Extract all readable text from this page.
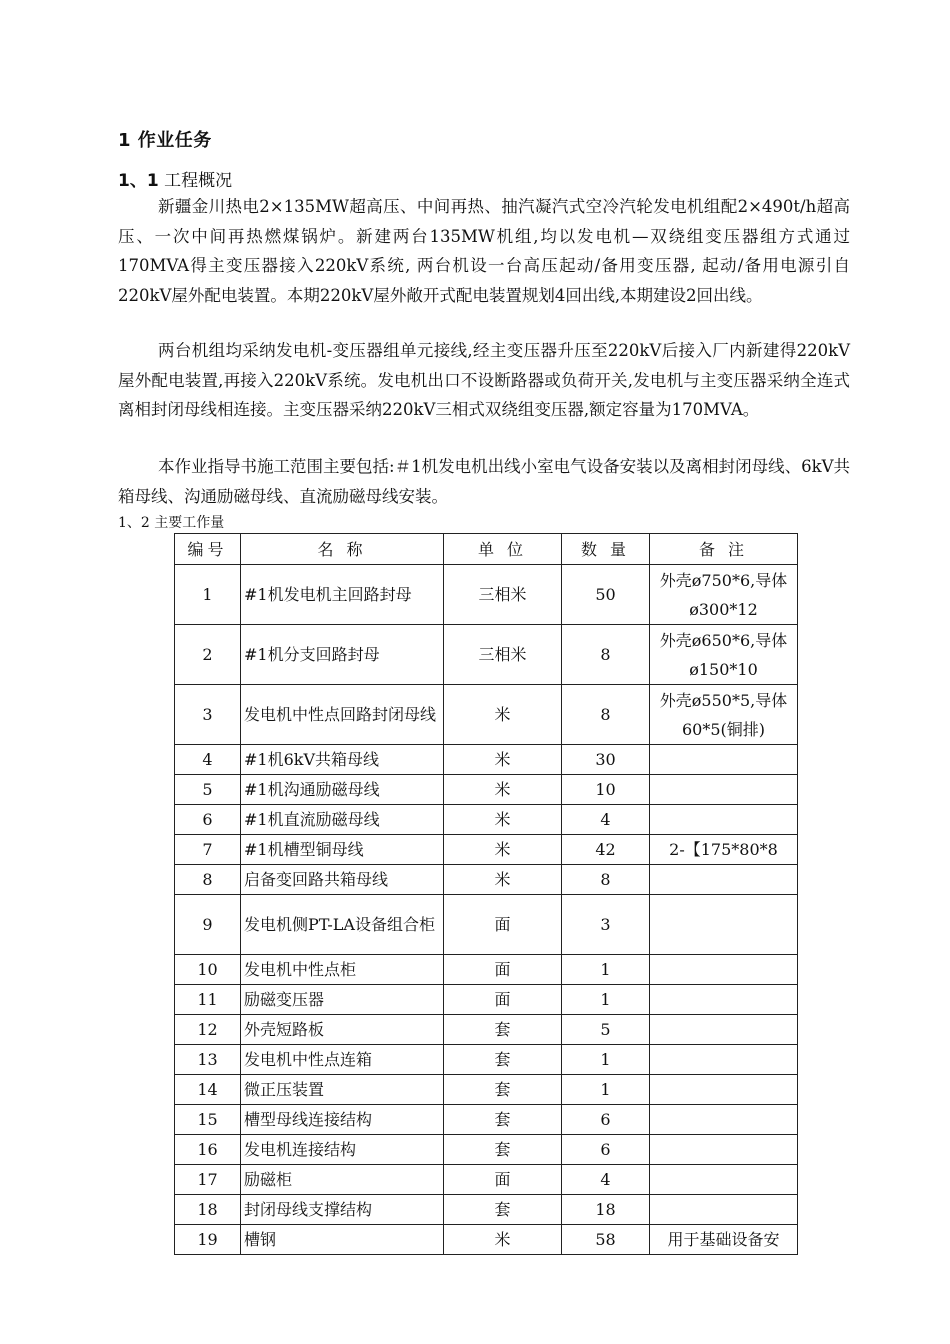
1 作业任务
1、1 工程概况

新疆金川热电2×135MW超高压、中间再热、抽汽凝汽式空冷汽轮发电机组配2×490t/h超高压、一次中间再热燃煤锅炉。新建两台135MW机组,均以发电机—双绕组变压器组方式通过170MVA得主变压器接入220kV系统, 两台机设一台高压起动/备用变压器, 起动/备用电源引自220kV屋外配电装置。本期220kV屋外敞开式配电装置规划4回出线,本期建设2回出线。

两台机组均采纳发电机-变压器组单元接线,经主变压器升压至220kV后接入厂内新建得220kV屋外配电装置,再接入220kV系统。发电机出口不设断路器或负荷开关,发电机与主变压器采纳全连式离相封闭母线相连接。主变压器采纳220kV三相式双绕组变压器,额定容量为170MVA。

本作业指导书施工范围主要包括:＃1机发电机出线小室电气设备安装以及离相封闭母线、6kV共箱母线、沟通励磁母线、直流励磁母线安装。

1、2 主要工作量
编号	名 称	单 位	数 量	备 注
1	#1机发电机主回路封母	三相米	50	外壳ø750*6,导体ø300*12
2	#1机分支回路封母	三相米	8	外壳ø650*6,导体ø150*10
3	发电机中性点回路封闭母线	米	8	外壳ø550*5,导体60*5(铜排)
4	#1机6kV共箱母线	米	30	
5	#1机沟通励磁母线	米	10	
6	#1机直流励磁母线	米	4	
7	#1机槽型铜母线	米	42	2-【175*80*8
8	启备变回路共箱母线	米	8	
9	发电机侧PT-LA设备组合柜	面	3	
10	发电机中性点柜	面	1	
11	励磁变压器	面	1	
12	外壳短路板	套	5	
13	发电机中性点连箱	套	1	
14	微正压装置	套	1	
15	槽型母线连接结构	套	6	
16	发电机连接结构	套	6	
17	励磁柜	面	4	
18	封闭母线支撑结构	套	18	
19	槽钢	米	58	用于基础设备安
